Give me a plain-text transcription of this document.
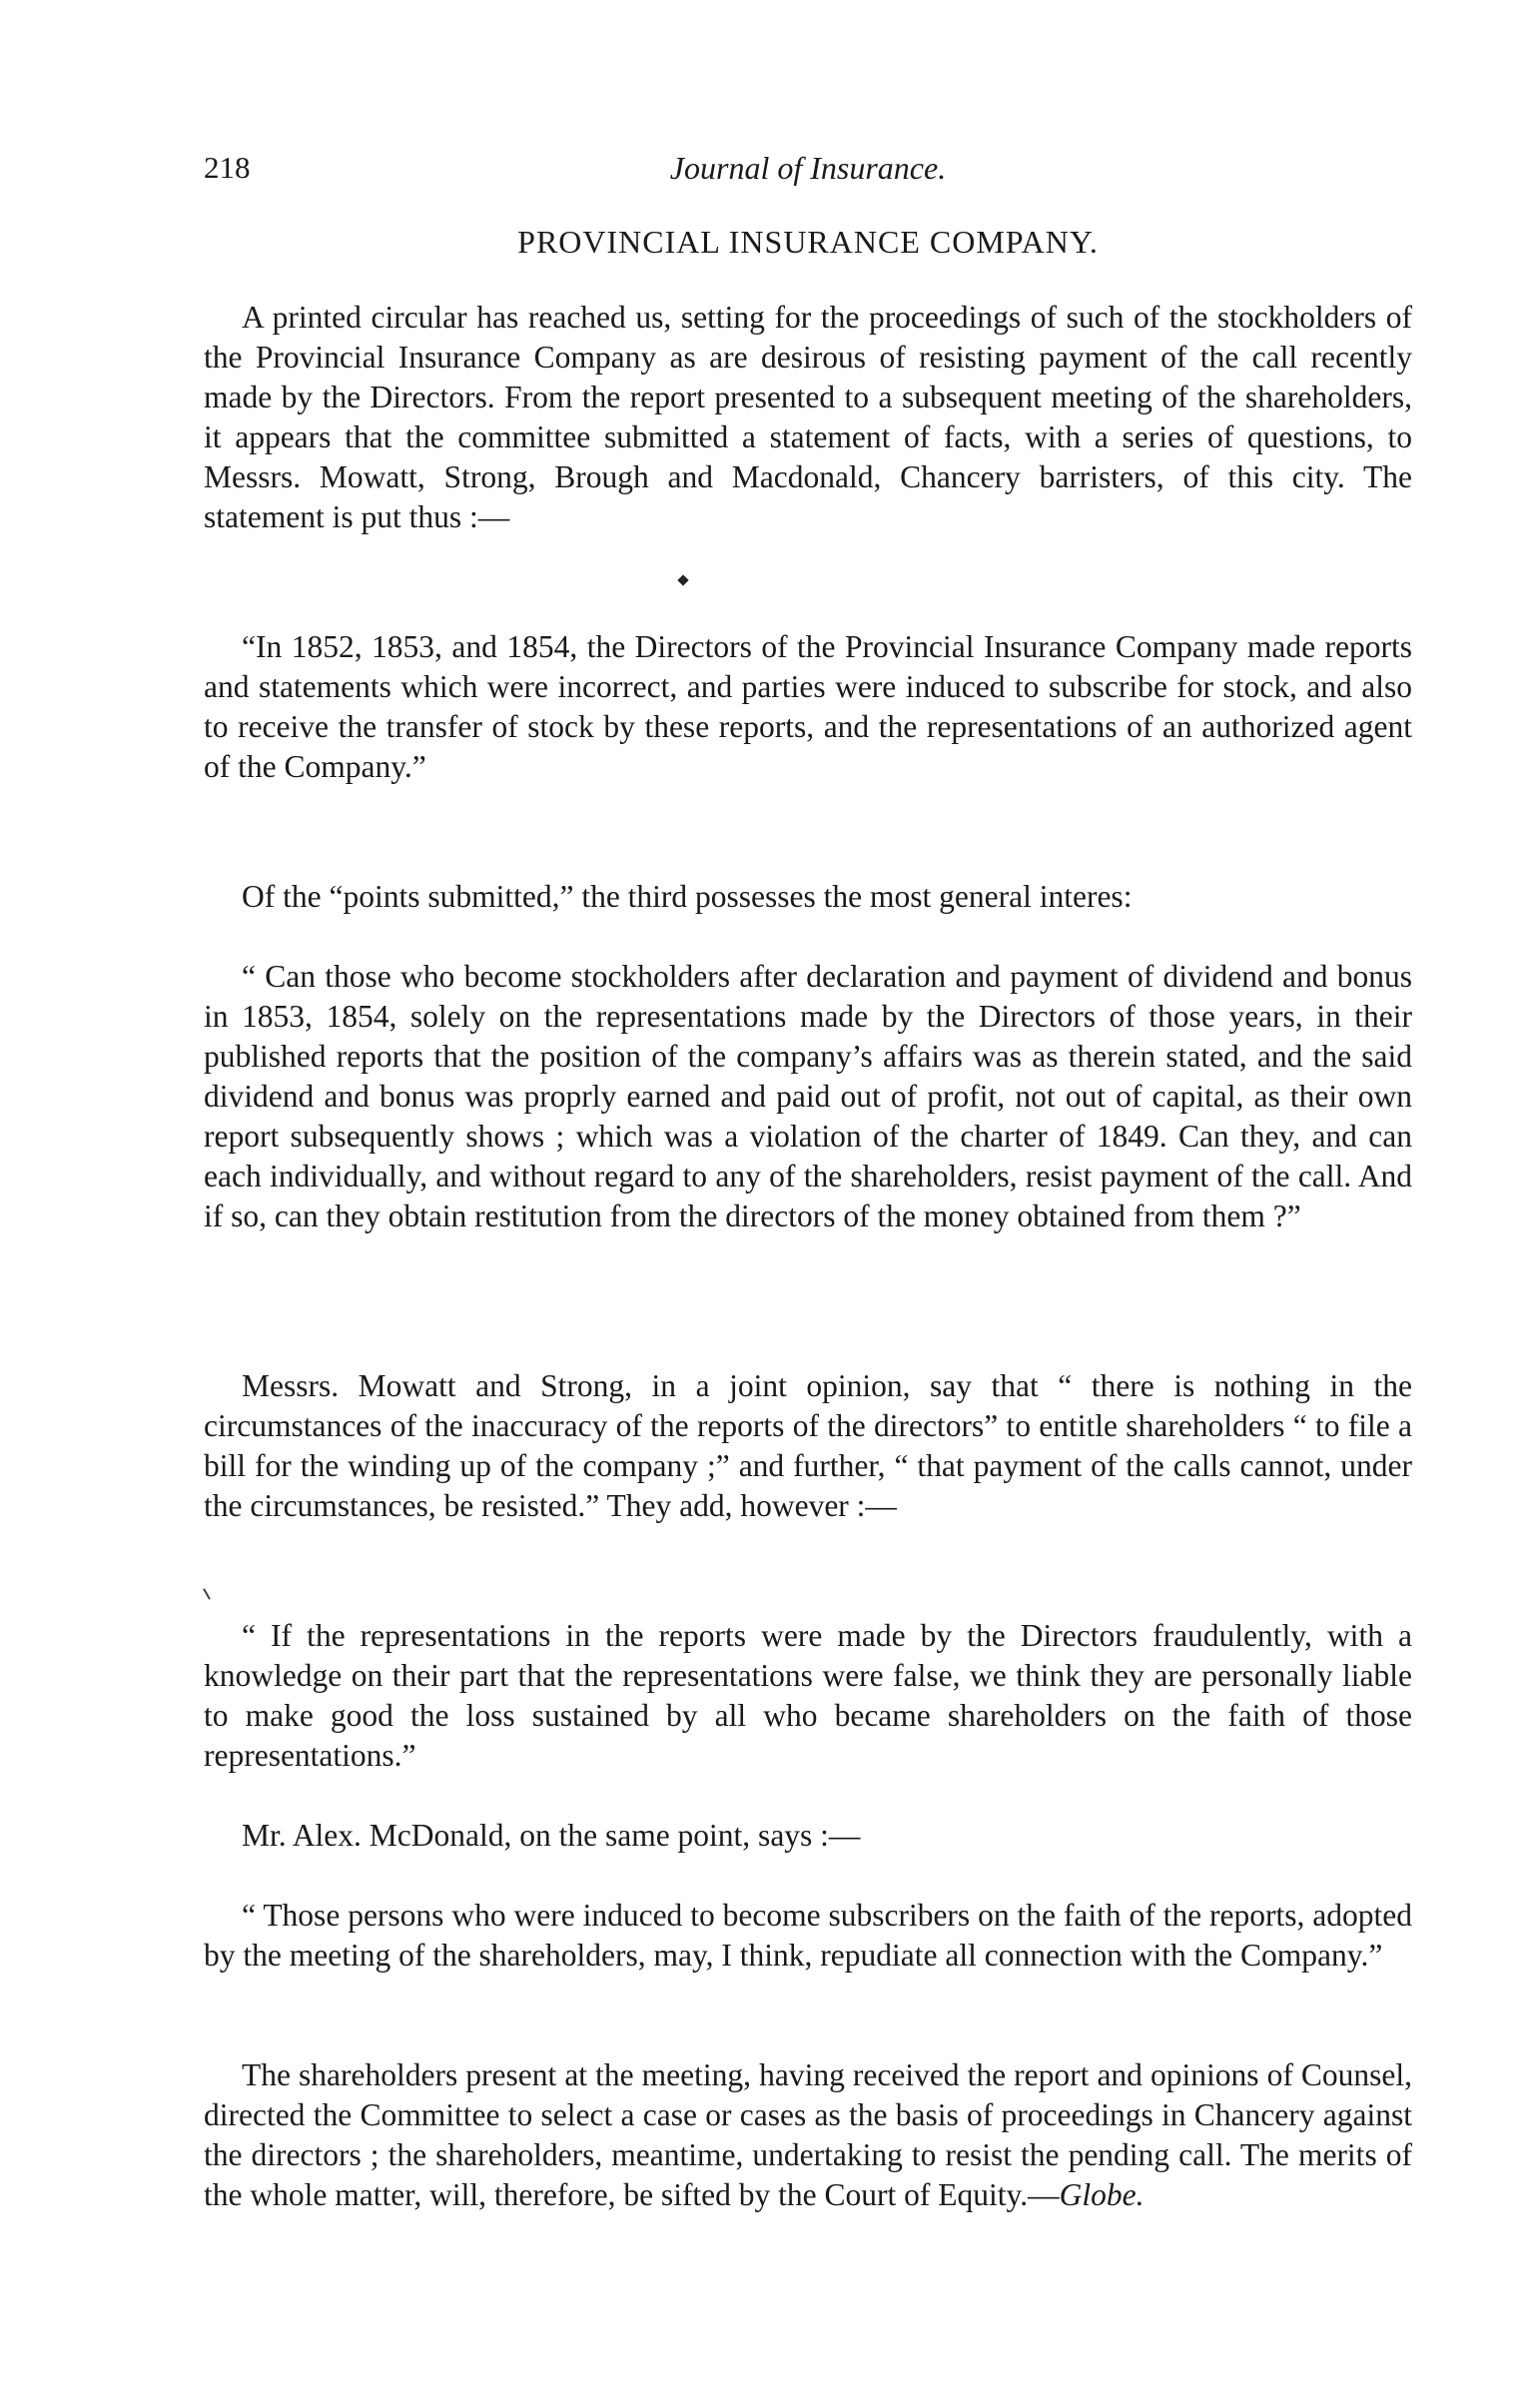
218	Journal of Insurance.
PROVINCIAL INSURANCE COMPANY.

A printed circular has reached us, setting for the proceedings of such of the stockholders of the Provincial Insurance Company as are desirous of resisting payment of the call recently made by the Directors. From the report presented to a subsequent meeting of the shareholders, it appears that the committee submitted a statement of facts, with a series of questions, to Messrs. Mowatt, Strong, Brough and Macdonald, Chancery barristers, of this city. The statement is put thus :—

“In 1852, 1853, and 1854, the Directors of the Provincial Insurance Company made reports and statements which were incorrect, and parties were induced to subscribe for stock, and also to receive the transfer of stock by these reports, and the representations of an authorized agent of the Company.”

Of the “points submitted,” the third possesses the most general interes:

“ Can those who become stockholders after declaration and payment of dividend and bonus in 1853, 1854, solely on the representations made by the Directors of those years, in their published reports that the position of the company’s affairs was as therein stated, and the said dividend and bonus was proprly earned and paid out of profit, not out of capital, as their own report subsequently shows ; which was a violation of the charter of 1849. Can they, and can each individually, and without regard to any of the shareholders, resist payment of the call. And if so, can they obtain restitution from the directors of the money obtained from them ?”

Messrs. Mowatt and Strong, in a joint opinion, say that “ there is nothing in the circumstances of the inaccuracy of the reports of the directors” to entitle shareholders “ to file a bill for the winding up of the company ;” and further, “ that payment of the calls cannot, under the circumstances, be resisted.” They add, however :—

“ If the representations in the reports were made by the Directors fraudulently, with a knowledge on their part that the representations were false, we think they are personally liable to make good the loss sustained by all who became shareholders on the faith of those representations.”

Mr. Alex. McDonald, on the same point, says :—

“ Those persons who were induced to become subscribers on the faith of the reports, adopted by the meeting of the shareholders, may, I think, repudiate all connection with the Company.”

The shareholders present at the meeting, having received the report and opinions of Counsel, directed the Committee to select a case or cases as the basis of proceedings in Chancery against the directors ; the shareholders, meantime, undertaking to resist the pending call. The merits of the whole matter, will, therefore, be sifted by the Court of Equity.—Globe.
